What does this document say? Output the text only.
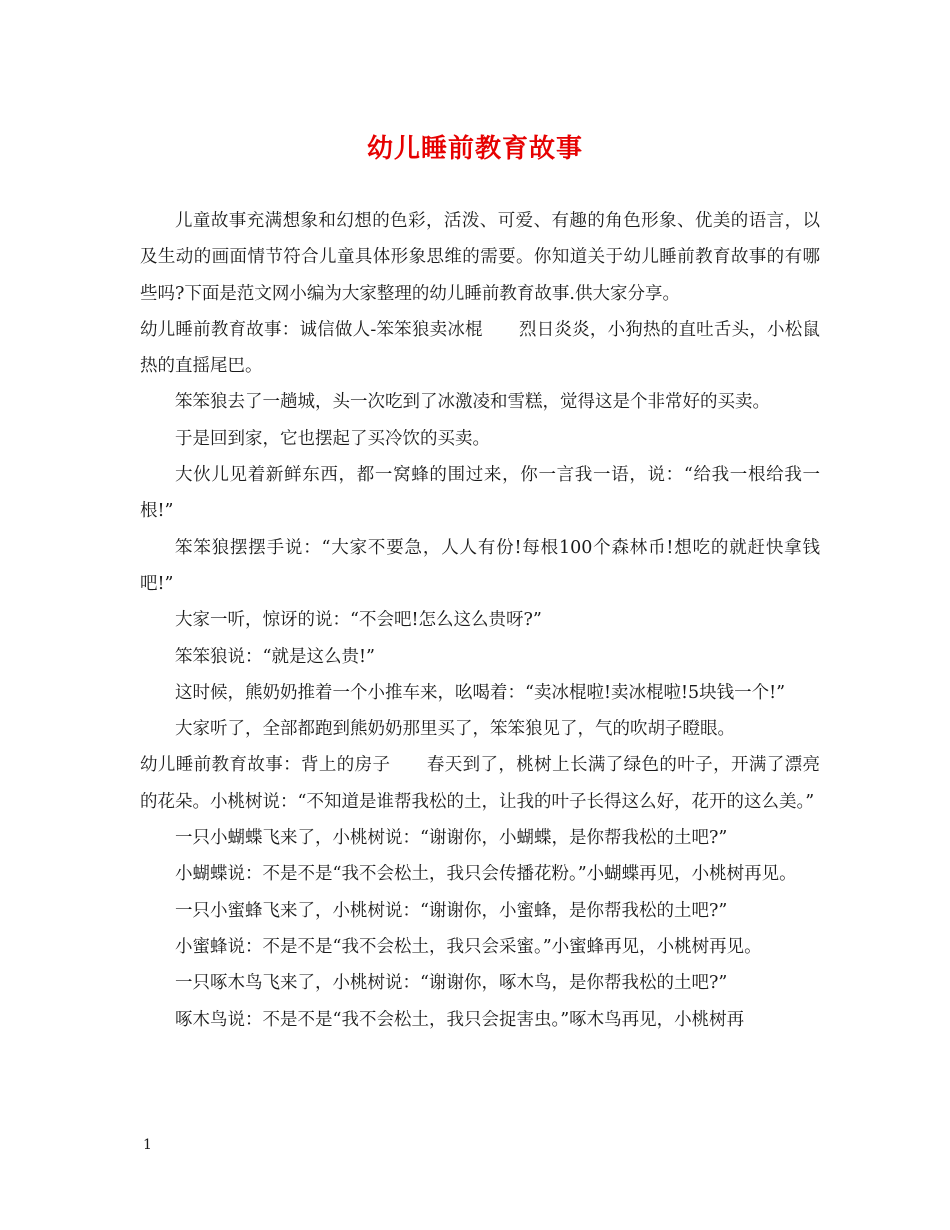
幼儿睡前教育故事

儿童故事充满想象和幻想的色彩，活泼、可爱、有趣的角色形象、优美的语言，以及生动的画面情节符合儿童具体形象思维的需要。你知道关于幼儿睡前教育故事的有哪些吗?下面是范文网小编为大家整理的幼儿睡前教育故事.供大家分享。

幼儿睡前教育故事：诚信做人-笨笨狼卖冰棍 烈日炎炎，小狗热的直吐舌头，小松鼠热的直摇尾巴。

笨笨狼去了一趟城，头一次吃到了冰激凌和雪糕，觉得这是个非常好的买卖。

于是回到家，它也摆起了买冷饮的买卖。

大伙儿见着新鲜东西，都一窝蜂的围过来，你一言我一语，说：“给我一根给我一根!”

笨笨狼摆摆手说：“大家不要急，人人有份!每根100个森林币!想吃的就赶快拿钱吧!”

大家一听，惊讶的说：“不会吧!怎么这么贵呀?”

笨笨狼说：“就是这么贵!”

这时候，熊奶奶推着一个小推车来，吆喝着：“卖冰棍啦!卖冰棍啦!5块钱一个!”

大家听了，全部都跑到熊奶奶那里买了，笨笨狼见了，气的吹胡子瞪眼。

幼儿睡前教育故事：背上的房子 春天到了，桃树上长满了绿色的叶子，开满了漂亮的花朵。小桃树说：“不知道是谁帮我松的土，让我的叶子长得这么好，花开的这么美。”

一只小蝴蝶飞来了，小桃树说：“谢谢你，小蝴蝶，是你帮我松的土吧?”

小蝴蝶说：不是不是“我不会松土，我只会传播花粉。”小蝴蝶再见，小桃树再见。

一只小蜜蜂飞来了，小桃树说：“谢谢你，小蜜蜂，是你帮我松的土吧?”

小蜜蜂说：不是不是“我不会松土，我只会采蜜。”小蜜蜂再见，小桃树再见。

一只啄木鸟飞来了，小桃树说：“谢谢你，啄木鸟，是你帮我松的土吧?”

啄木鸟说：不是不是“我不会松土，我只会捉害虫。”啄木鸟再见，小桃树再

1
